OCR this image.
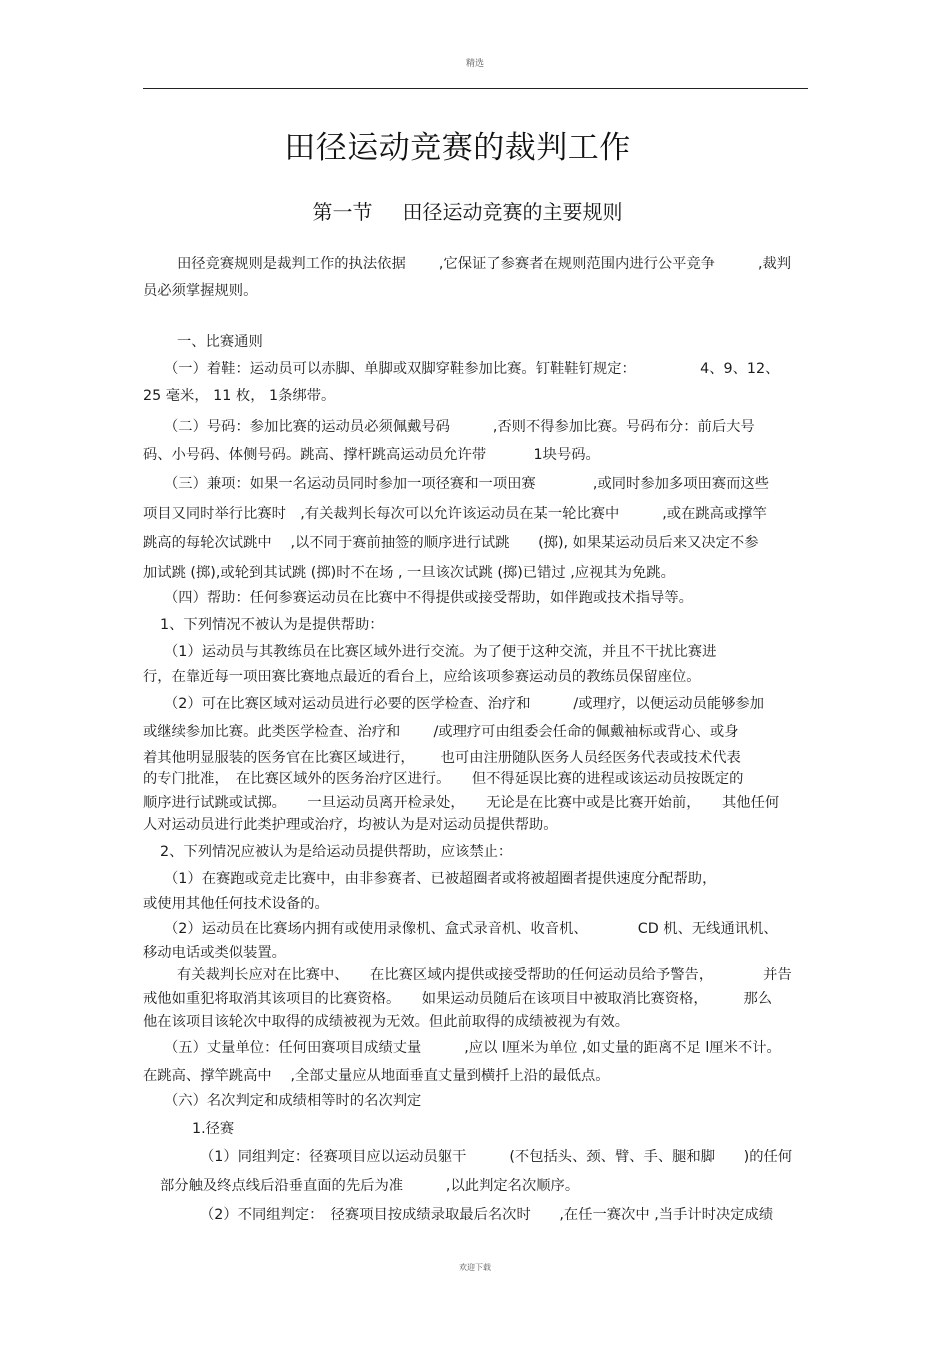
精选
田径运动竞赛的裁判工作
第一节 田径运动竞赛的主要规则
田径竞赛规则是裁判工作的执法依据　　 ,它保证了参赛者在规则范围内进行公平竞争　　　,裁判
员必须掌握规则。
一、比赛通则
（一）着鞋：运动员可以赤脚、单脚或双脚穿鞋参加比赛。钉鞋鞋钉规定：　　　　　4、9、12、
25 毫米， 11 枚， 1条绑带。
（二）号码：参加比赛的运动员必须佩戴号码　　　,否则不得参加比赛。号码布分：前后大号
码、小号码、体侧号码。跳高、撑杆跳高运动员允许带　　　 1块号码。
（三）兼项：如果一名运动员同时参加一项径赛和一项田赛　　　　,或同时参加多项田赛而这些
项目又同时举行比赛时　,有关裁判长每次可以允许该运动员在某一轮比赛中　　　,或在跳高或撑竿
跳高的每轮次试跳中　 ,以不同于赛前抽签的顺序进行试跳　　(掷), 如果某运动员后来又决定不参
加试跳 (掷),或轮到其试跳 (掷)时不在场 , 一旦该次试跳 (掷)已错过 ,应视其为免跳。
（四）帮助：任何参赛运动员在比赛中不得提供或接受帮助，如伴跑或技术指导等。
1、下列情况不被认为是提供帮助：
（1）运动员与其教练员在比赛区域外进行交流。为了便于这种交流，并且不干扰比赛进
行，在靠近每一项田赛比赛地点最近的看台上，应给该项参赛运动员的教练员保留座位。
（2）可在比赛区域对运动员进行必要的医学检查、治疗和　　　/或理疗，以便运动员能够参加
或继续参加比赛。此类医学检查、治疗和　　 /或理疗可由组委会任命的佩戴袖标或背心、或身
着其他明显服装的医务官在比赛区域进行，　　 也可由注册随队医务人员经医务代表或技术代表
的专门批准，　在比赛区域外的医务治疗区进行。　　但不得延误比赛的进程或该运动员按既定的
顺序进行试跳或试掷。　　一旦运动员离开检录处，　　无论是在比赛中或是比赛开始前，　　其他任何
人对运动员进行此类护理或治疗，均被认为是对运动员提供帮助。
2、下列情况应被认为是给运动员提供帮助，应该禁止：
（1）在赛跑或竞走比赛中，由非参赛者、已被超圈者或将被超圈者提供速度分配帮助，
或使用其他任何技术设备的。
（2）运动员在比赛场内拥有或使用录像机、盒式录音机、收音机、　　　　CD 机、无线通讯机、
移动电话或类似装置。
有关裁判长应对在比赛中、　　在比赛区域内提供或接受帮助的任何运动员给予警告，　　　　并告
戒他如重犯将取消其该项目的比赛资格。　　如果运动员随后在该项目中被取消比赛资格，　　　那么
他在该项目该轮次中取得的成绩被视为无效。但此前取得的成绩被视为有效。
（五）丈量单位：任何田赛项目成绩丈量　　　,应以 l厘米为单位 ,如丈量的距离不足 l厘米不计。
在跳高、撑竿跳高中　 ,全部丈量应从地面垂直丈量到横扦上沿的最低点。
（六）名次判定和成绩相等时的名次判定
1.径赛
（1）同组判定：径赛项目应以运动员躯干　　　(不包括头、颈、臂、手、腿和脚　　)的任何
部分触及终点线后沿垂直面的先后为准　　　,以此判定名次顺序。
（2）不同组判定：　径赛项目按成绩录取最后名次时　　,在任一赛次中 ,当手计时决定成绩
欢迎下载
